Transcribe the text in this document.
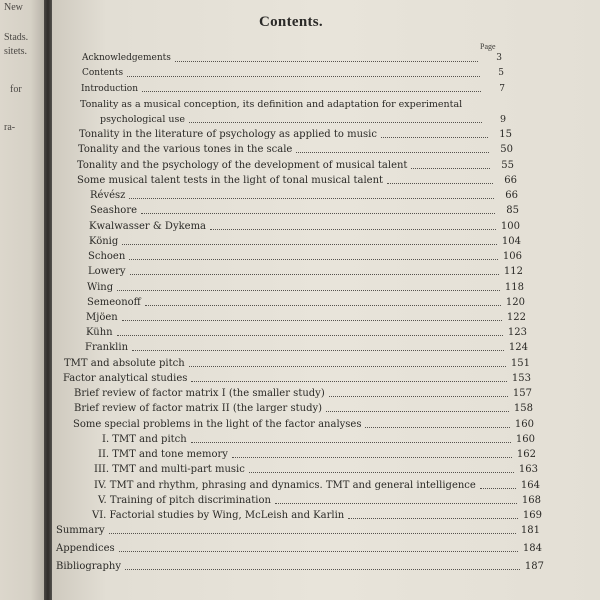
New
Stads.
sitets.
for
ra-
Contents.
Page
Acknowledgements	3
Contents	5
Introduction	7
Tonality as a musical conception, its definition and adaptation for experimental
psychological use	9
Tonality in the literature of psychology as applied to music	15
Tonality and the various tones in the scale	50
Tonality and the psychology of the development of musical talent	55
Some musical talent tests in the light of tonal musical talent	66
Révész	66
Seashore	85
Kwalwasser & Dykema	100
König	104
Schoen	106
Lowery	112
Wing	118
Semeonoff	120
Mjöen	122
Kühn	123
Franklin	124
TMT and absolute pitch	151
Factor analytical studies	153
Brief review of factor matrix I (the smaller study)	157
Brief review of factor matrix II (the larger study)	158
Some special problems in the light of the factor analyses	160
I. TMT and pitch	160
II. TMT and tone memory	162
III. TMT and multi-part music	163
IV. TMT and rhythm, phrasing and dynamics. TMT and general intelligence	164
V. Training of pitch discrimination	168
VI. Factorial studies by Wing, McLeish and Karlin	169
Summary	181
Appendices	184
Bibliography	187
